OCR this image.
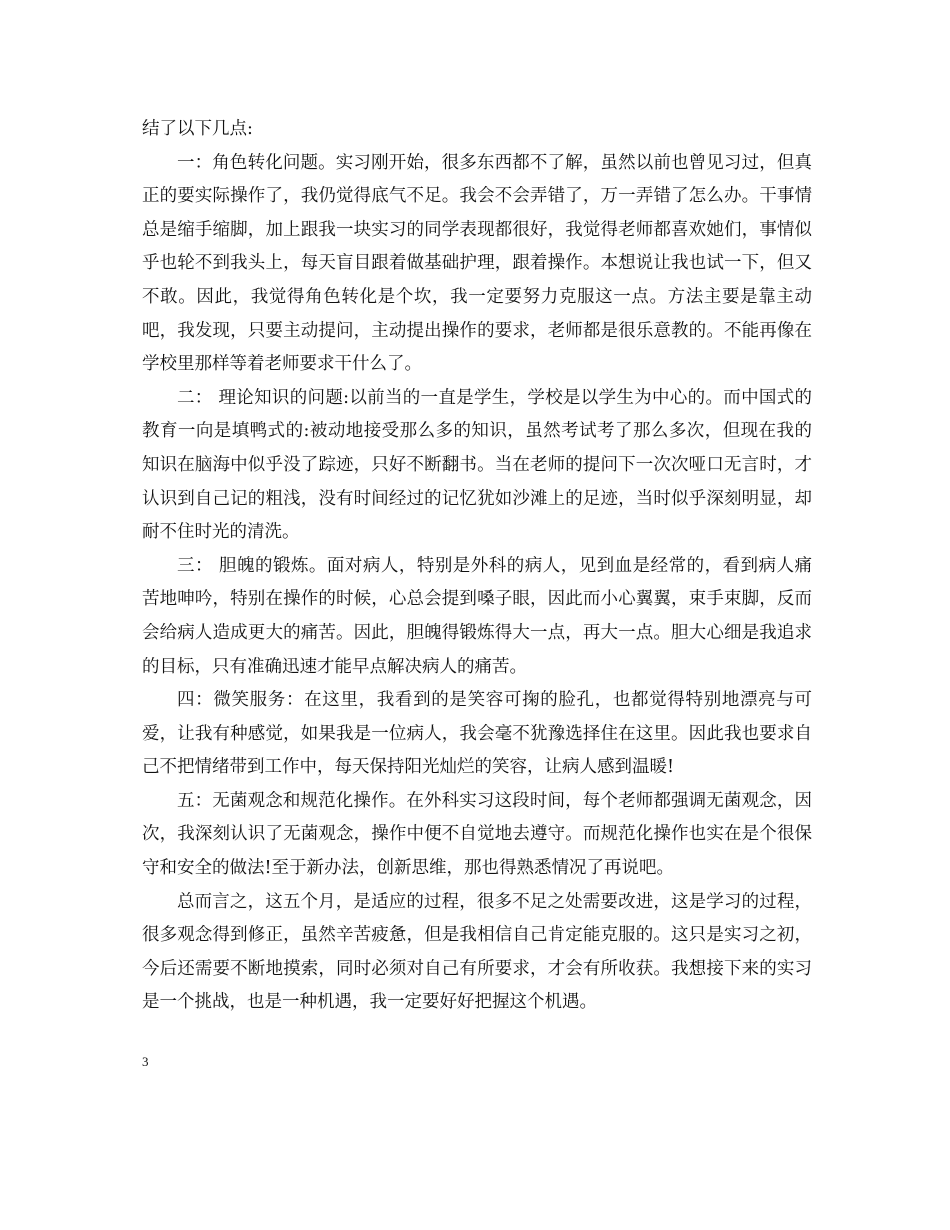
结了以下几点:

一：角色转化问题。实习刚开始，很多东西都不了解，虽然以前也曾见习过，但真正的要实际操作了，我仍觉得底气不足。我会不会弄错了，万一弄错了怎么办。干事情总是缩手缩脚，加上跟我一块实习的同学表现都很好，我觉得老师都喜欢她们，事情似乎也轮不到我头上，每天盲目跟着做基础护理，跟着操作。本想说让我也试一下，但又不敢。因此，我觉得角色转化是个坎，我一定要努力克服这一点。方法主要是靠主动吧，我发现，只要主动提问，主动提出操作的要求，老师都是很乐意教的。不能再像在学校里那样等着老师要求干什么了。

二： 理论知识的问题:以前当的一直是学生，学校是以学生为中心的。而中国式的教育一向是填鸭式的:被动地接受那么多的知识，虽然考试考了那么多次，但现在我的知识在脑海中似乎没了踪迹，只好不断翻书。当在老师的提问下一次次哑口无言时，才认识到自己记的粗浅，没有时间经过的记忆犹如沙滩上的足迹，当时似乎深刻明显，却耐不住时光的清洗。

三： 胆魄的锻炼。面对病人，特别是外科的病人，见到血是经常的，看到病人痛苦地呻吟，特别在操作的时候，心总会提到嗓子眼，因此而小心翼翼，束手束脚，反而会给病人造成更大的痛苦。因此，胆魄得锻炼得大一点，再大一点。胆大心细是我追求的目标，只有准确迅速才能早点解决病人的痛苦。

四：微笑服务：在这里，我看到的是笑容可掬的脸孔，也都觉得特别地漂亮与可爱，让我有种感觉，如果我是一位病人，我会毫不犹豫选择住在这里。因此我也要求自己不把情绪带到工作中，每天保持阳光灿烂的笑容，让病人感到温暖!

五：无菌观念和规范化操作。在外科实习这段时间，每个老师都强调无菌观念，因次，我深刻认识了无菌观念，操作中便不自觉地去遵守。而规范化操作也实在是个很保守和安全的做法!至于新办法，创新思维，那也得熟悉情况了再说吧。

总而言之，这五个月，是适应的过程，很多不足之处需要改进，这是学习的过程，很多观念得到修正，虽然辛苦疲惫，但是我相信自己肯定能克服的。这只是实习之初，今后还需要不断地摸索，同时必须对自己有所要求，才会有所收获。我想接下来的实习是一个挑战，也是一种机遇，我一定要好好把握这个机遇。

3
